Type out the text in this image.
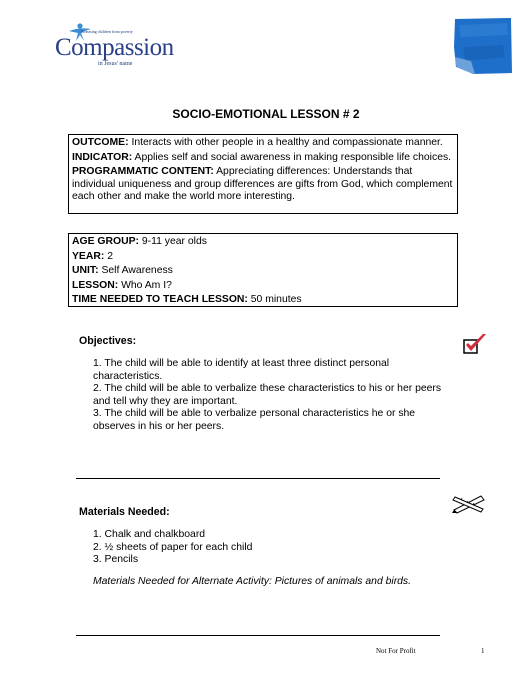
Releasing children from poverty
Compassion
in Jesus' name
SOCIO-EMOTIONAL LESSON # 2

OUTCOME: Interacts with other people in a healthy and compassionate manner.

INDICATOR: Applies self and social awareness in making responsible life choices.

PROGRAMMATIC CONTENT: Appreciating differences: Understands that individual uniqueness and group differences are gifts from God, which complement each other and make the world more interesting.

AGE GROUP: 9-11 year olds

YEAR: 2

UNIT: Self Awareness

LESSON: Who Am I?

TIME NEEDED TO TEACH LESSON: 50 minutes

Objectives:

1. The child will be able to identify at least three distinct personal characteristics.

2. The child will be able to verbalize these characteristics to his or her peers and tell why they are important.

3. The child will be able to verbalize personal characteristics he or she observes in his or her peers.

Materials Needed:

1. Chalk and chalkboard

2. ½ sheets of paper for each child

3. Pencils

Materials Needed for Alternate Activity: Pictures of animals and birds.
Not For Profit	1
